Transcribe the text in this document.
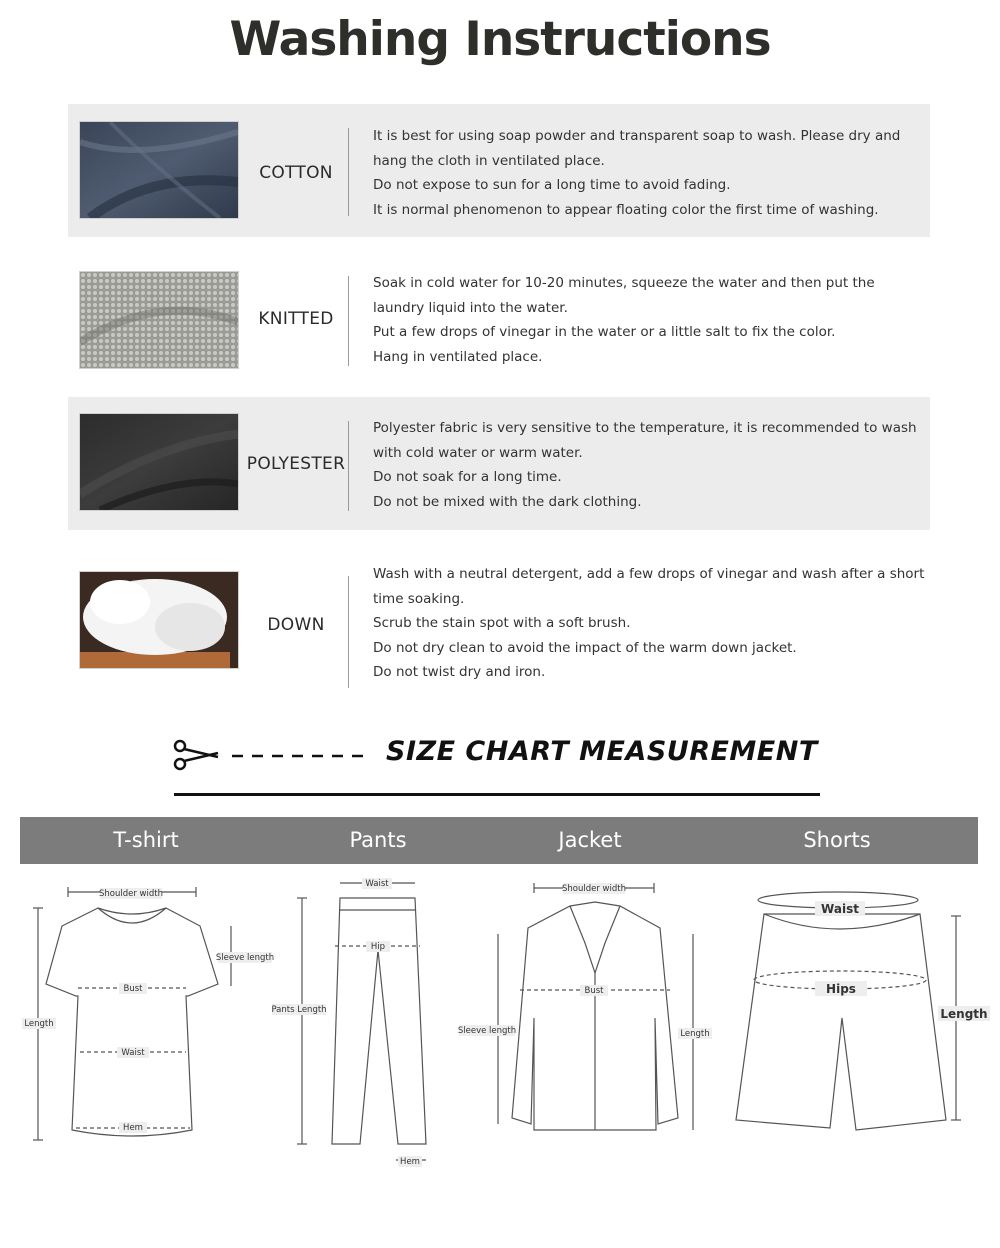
Washing Instructions
COTTON

It is best for using soap powder and transparent soap to wash. Please dry and hang the cloth in ventilated place.

Do not expose to sun for a long time to avoid fading.

It is normal phenomenon to appear floating color the first time of washing.

KNITTED

Soak in cold water for 10-20 minutes, squeeze the water and then put the laundry liquid into the water.

Put a few drops of vinegar in the water or a little salt to fix the color.

Hang in ventilated place.

POLYESTER

Polyester fabric is very sensitive to the temperature, it is recommended to wash with cold water or warm water.

Do not soak for a long time.

Do not be mixed with the dark clothing.

DOWN

Wash with a neutral detergent, add a few drops of vinegar and wash after a short time soaking.

Scrub the stain spot with a soft brush.

Do not dry clean to avoid the impact of the warm down jacket.

Do not twist dry and iron.

SIZE CHART MEASUREMENT
T-shirt	Pants	Jacket	Shorts
Shoulder width
Sleeve length
Bust
Length
Waist
Hem
Waist
Hip
Pants Length
Hem
Shoulder width
Bust
Sleeve length	Length
Waist
Hips
Length
